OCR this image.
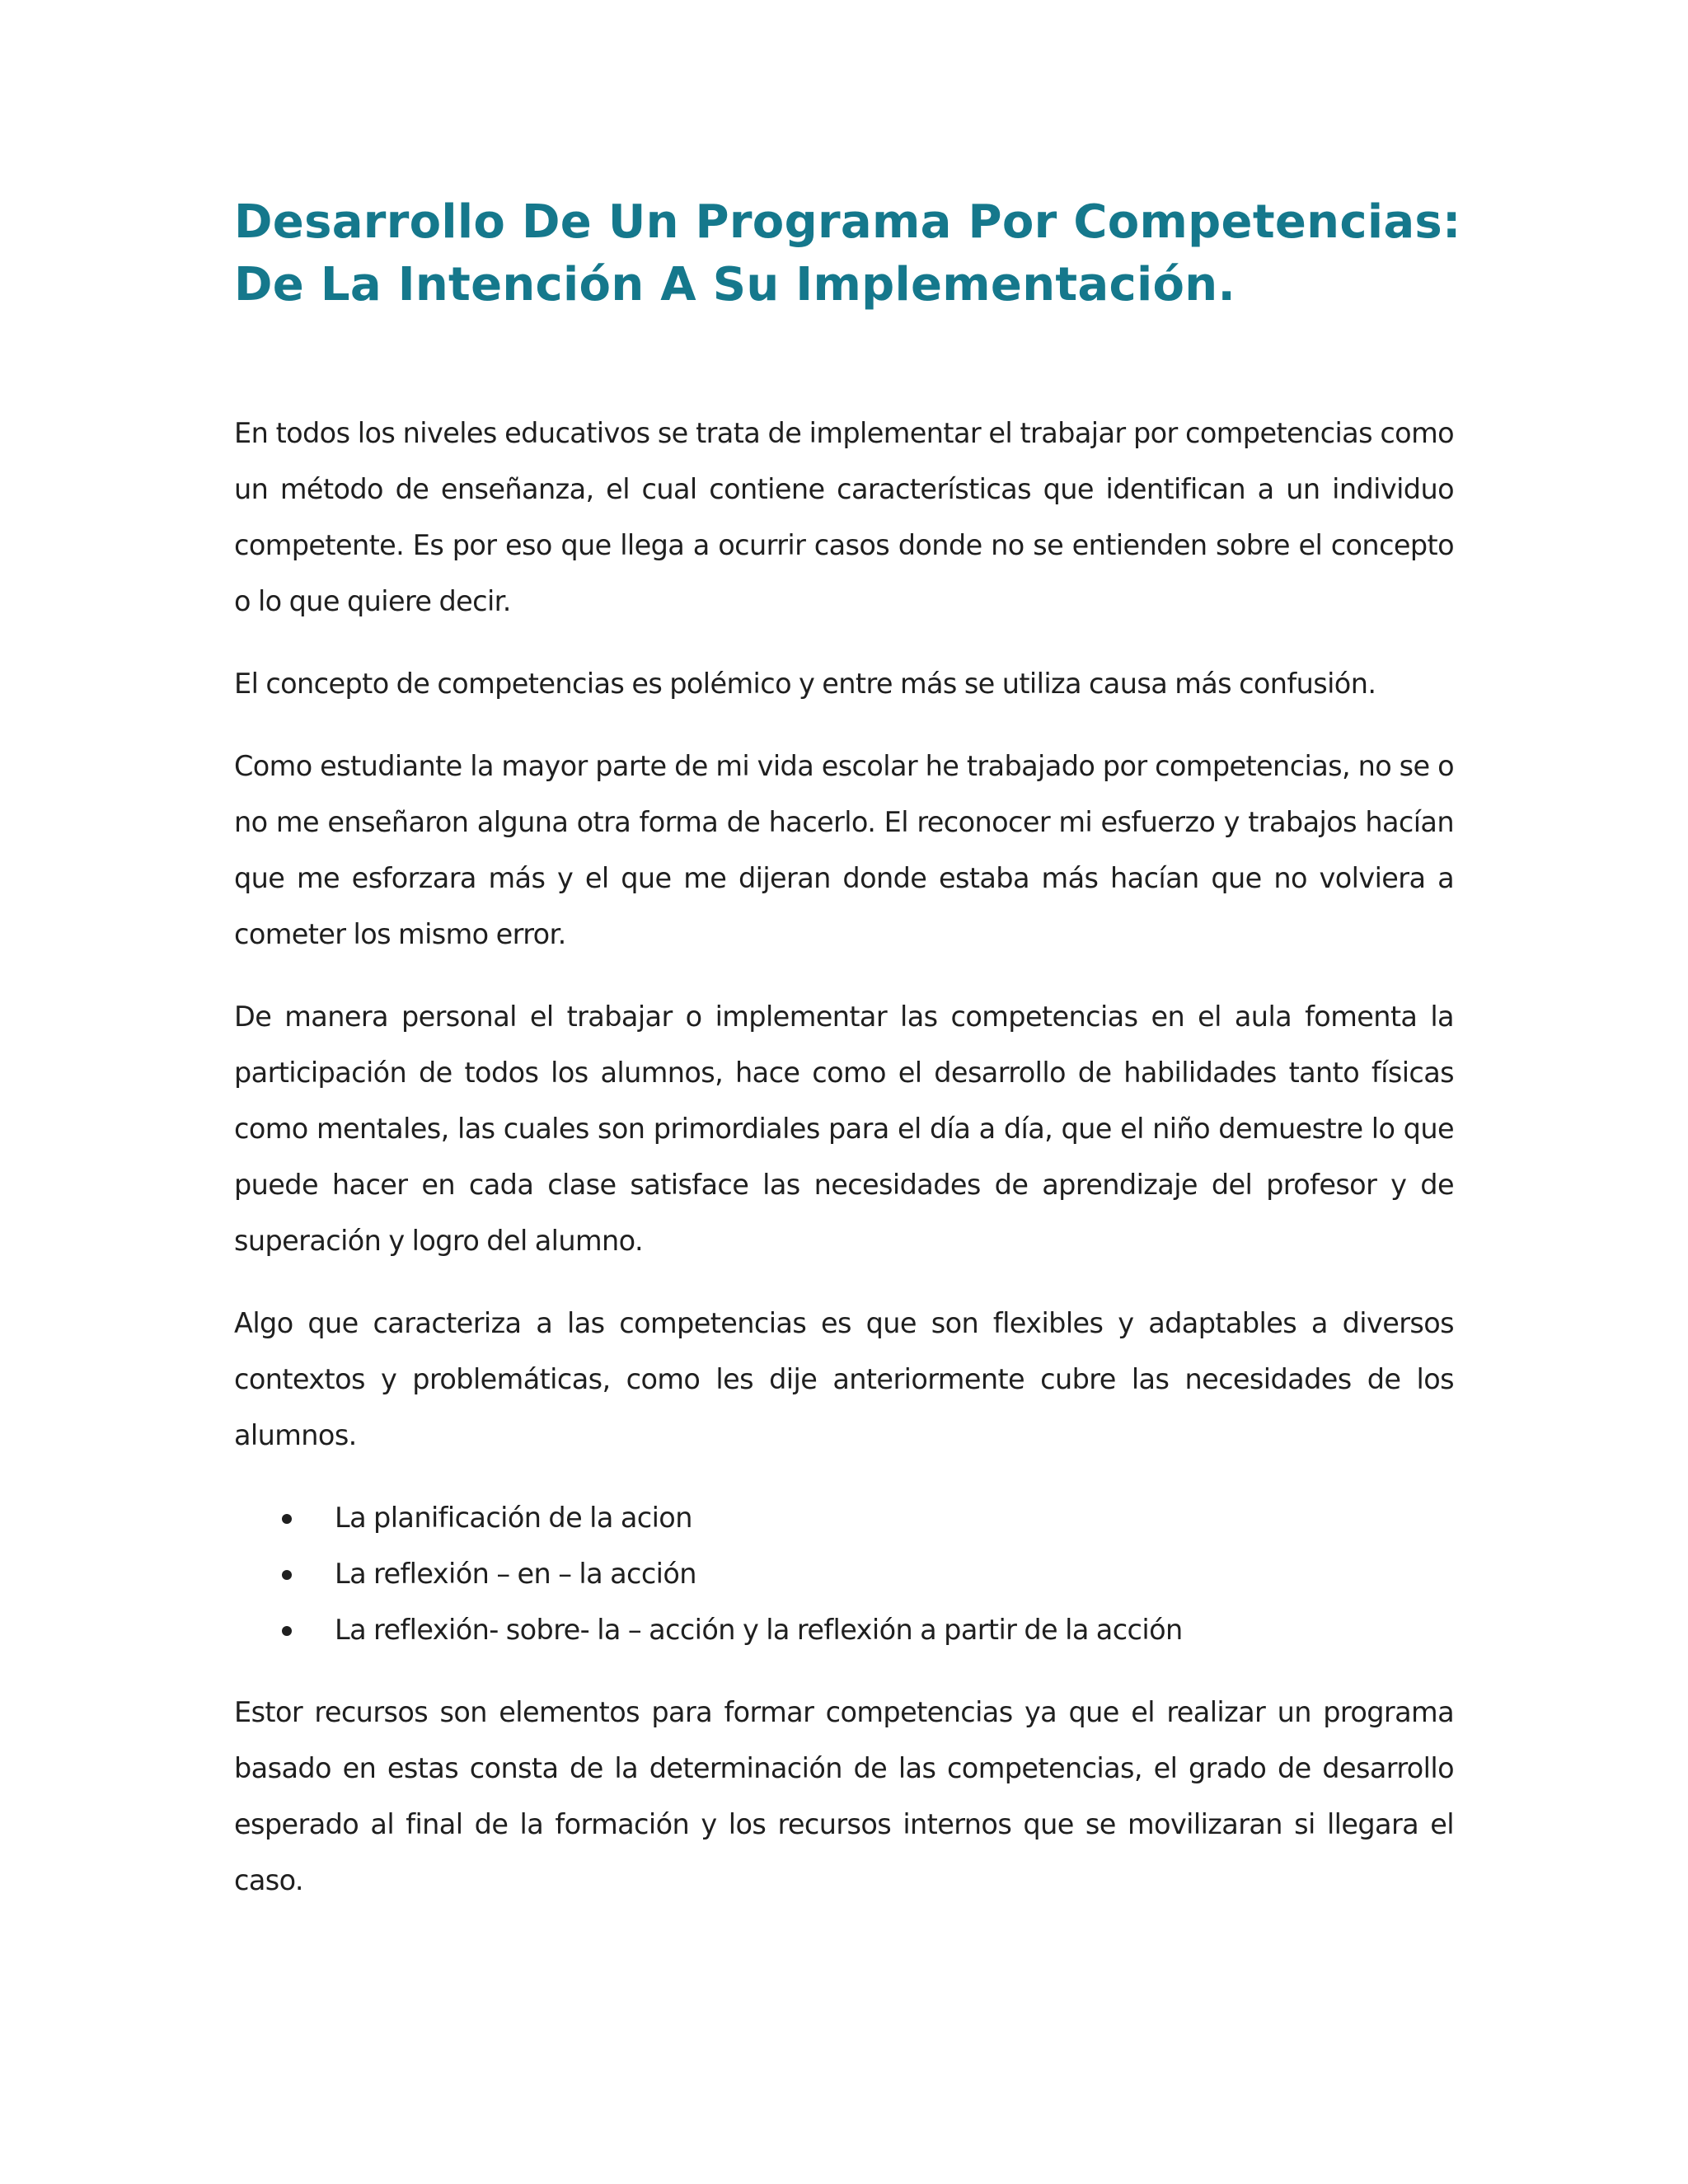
Desarrollo De Un Programa Por Competencias:
De La Intención A Su Implementación.

En todos los niveles educativos se trata de implementar el trabajar por competencias como un método de enseñanza, el cual contiene características que identifican a un individuo competente. Es por eso que llega a ocurrir casos donde no se entienden sobre el concepto o lo que quiere decir.

El concepto de competencias es polémico y entre más se utiliza causa más confusión.

Como estudiante la mayor parte de mi vida escolar he trabajado por competencias, no se o no me enseñaron alguna otra forma de hacerlo. El reconocer mi esfuerzo y trabajos hacían que me esforzara más y el que me dijeran donde estaba más hacían que no volviera a cometer los mismo error.

De manera personal el trabajar o implementar las competencias en el aula fomenta la participación de todos los alumnos, hace como el desarrollo de habilidades tanto físicas como mentales, las cuales son primordiales para el día a día, que el niño demuestre lo que puede hacer en cada clase satisface las necesidades de aprendizaje del profesor y de superación y logro del alumno.

Algo que caracteriza a las competencias es que son flexibles y adaptables a diversos contextos y problemáticas, como les dije anteriormente cubre las necesidades de los alumnos.

La planificación de la acion
La reflexión – en – la acción
La reflexión- sobre- la – acción y la reflexión a partir de la acción

Estor recursos son elementos para formar competencias ya que el realizar un programa basado en estas consta de la determinación de las competencias, el grado de desarrollo esperado al final de la formación y los recursos internos que se movilizaran si llegara el caso.
